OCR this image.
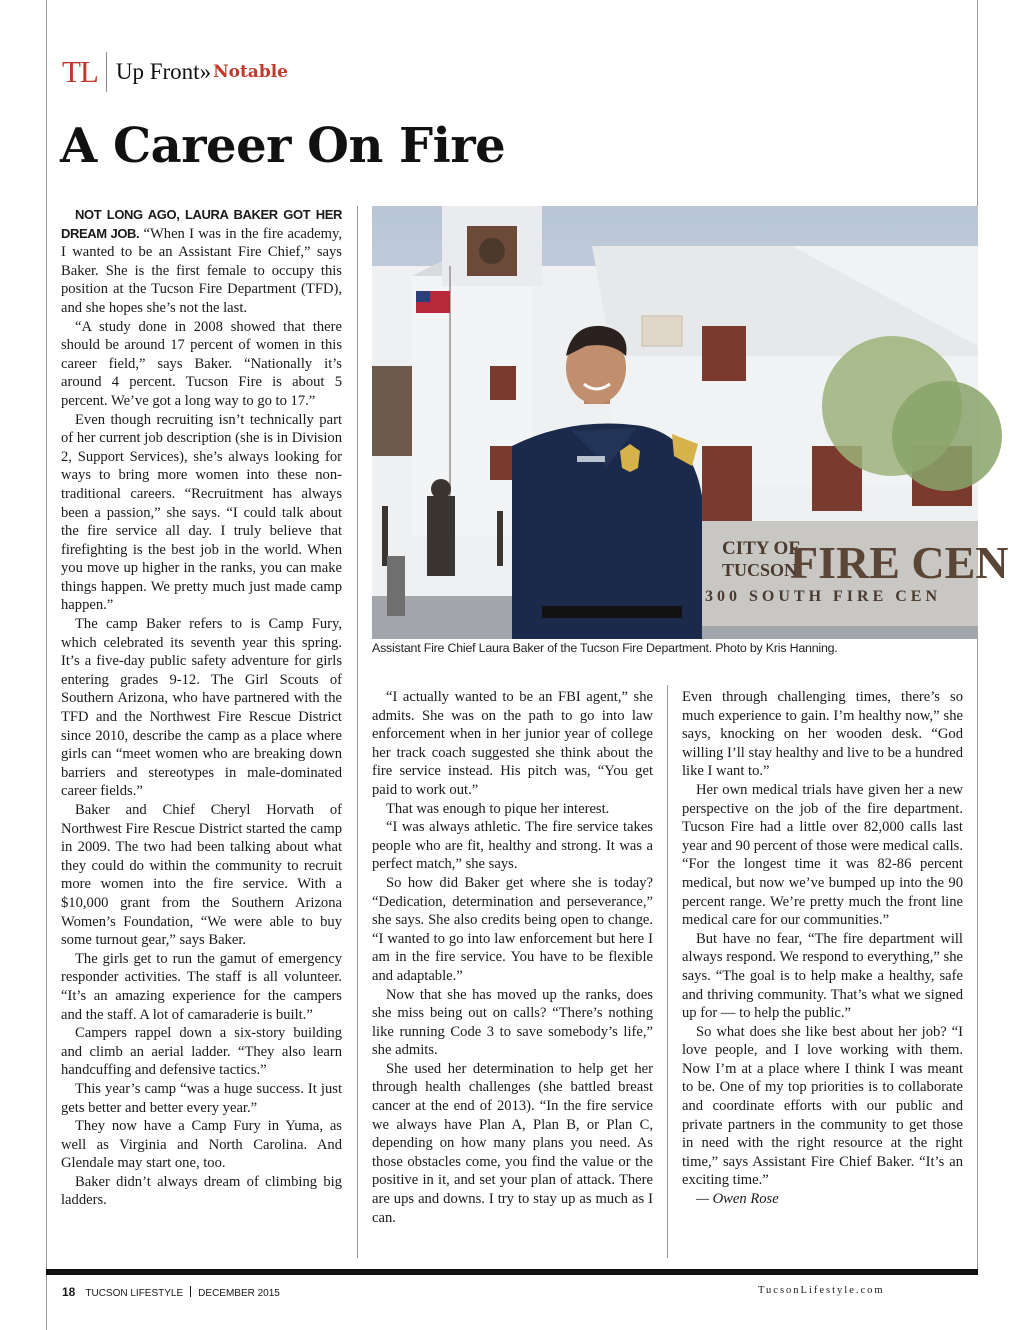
TL Up Front» Notable
A Career On Fire

NOT LONG AGO, LAURA BAKER GOT HER DREAM JOB. “When I was in the fire academy, I wanted to be an Assistant Fire Chief,” says Baker. She is the first female to occupy this position at the Tucson Fire Department (TFD), and she hopes she’s not the last.

“A study done in 2008 showed that there should be around 17 percent of women in this career field,” says Baker. “Nationally it’s around 4 percent. Tucson Fire is about 5 percent. We’ve got a long way to go to 17.”

Even though recruiting isn’t technically part of her current job description (she is in Division 2, Support Services), she’s always looking for ways to bring more women into these non-traditional careers. “Recruitment has always been a passion,” she says. “I could talk about the fire service all day. I truly believe that firefighting is the best job in the world. When you move up higher in the ranks, you can make things happen. We pretty much just made camp happen.”

The camp Baker refers to is Camp Fury, which celebrated its seventh year this spring. It’s a five-day public safety adventure for girls entering grades 9-12. The Girl Scouts of Southern Arizona, who have partnered with the TFD and the Northwest Fire Rescue District since 2010, describe the camp as a place where girls can “meet women who are breaking down barriers and stereotypes in male-dominated career fields.”

Baker and Chief Cheryl Horvath of Northwest Fire Rescue District started the camp in 2009. The two had been talking about what they could do within the community to recruit more women into the fire service. With a $10,000 grant from the Southern Arizona Women’s Foundation, “We were able to buy some turnout gear,” says Baker.

The girls get to run the gamut of emergency responder activities. The staff is all volunteer. “It’s an amazing experience for the campers and the staff. A lot of camaraderie is built.”

Campers rappel down a six-story building and climb an aerial ladder. “They also learn handcuffing and defensive tactics.”

This year’s camp “was a huge success. It just gets better and better every year.”

They now have a Camp Fury in Yuma, as well as Virginia and North Carolina. And Glendale may start one, too.

Baker didn’t always dream of climbing big ladders.

CITY OF
TUCSON
FIRE CEN
300 SOUTH FIRE CEN
Assistant Fire Chief Laura Baker of the Tucson Fire Department. Photo by Kris Hanning.

“I actually wanted to be an FBI agent,” she admits. She was on the path to go into law enforcement when in her junior year of college her track coach suggested she think about the fire service instead. His pitch was, “You get paid to work out.”

That was enough to pique her interest.

“I was always athletic. The fire service takes people who are fit, healthy and strong. It was a perfect match,” she says.

So how did Baker get where she is today? “Dedication, determination and perseverance,” she says. She also credits being open to change. “I wanted to go into law enforcement but here I am in the fire service. You have to be flexible and adaptable.”

Now that she has moved up the ranks, does she miss being out on calls? “There’s nothing like running Code 3 to save somebody’s life,” she admits.

She used her determination to help get her through health challenges (she battled breast cancer at the end of 2013). “In the fire service we always have Plan A, Plan B, or Plan C, depending on how many plans you need. As those obstacles come, you find the value or the positive in it, and set your plan of attack. There are ups and downs. I try to stay up as much as I can.

Even through challenging times, there’s so much experience to gain. I’m healthy now,” she says, knocking on her wooden desk. “God willing I’ll stay healthy and live to be a hundred like I want to.”

Her own medical trials have given her a new perspective on the job of the fire department. Tucson Fire had a little over 82,000 calls last year and 90 percent of those were medical calls. “For the longest time it was 82-86 percent medical, but now we’ve bumped up into the 90 percent range. We’re pretty much the front line medical care for our communities.”

But have no fear, “The fire department will always respond. We respond to everything,” she says. “The goal is to help make a healthy, safe and thriving community. That’s what we signed up for — to help the public.”

So what does she like best about her job? “I love people, and I love working with them. Now I’m at a place where I think I was meant to be. One of my top priorities is to collaborate and coordinate efforts with our public and private partners in the community to get those in need with the right resource at the right time,” says Assistant Fire Chief Baker. “It’s an exciting time.”

— Owen Rose

18 TUCSON LIFESTYLE DECEMBER 2015	TucsonLifestyle.com
